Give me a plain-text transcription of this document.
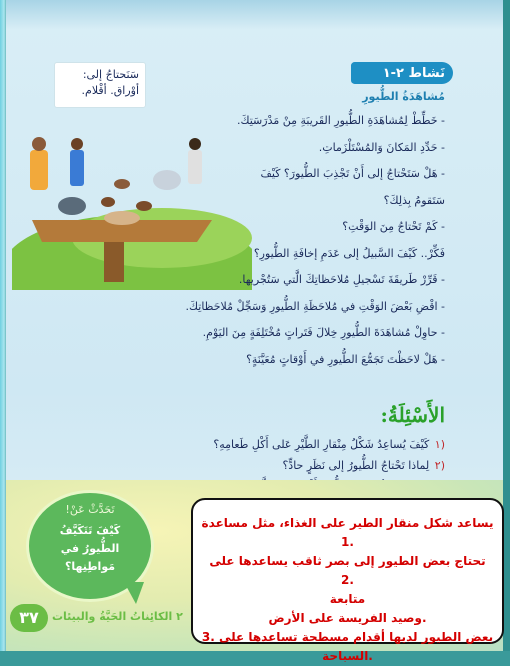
سَنَحتاجُ إلى:
أوْراق. أقْلام.
نَشاط ٢-١
مُشاهَدَةُ الطُّيورِ
- خَطِّطْ لِمُشاهَدَةِ الطُّيورِ القَريبَةِ مِنْ مَدْرَسَتِكَ.
- حَدِّدِ المَكانَ وَالمُسْتَلْزَماتِ.
- هَلْ سَتَحْتاجُ إلى أَنْ تَجْذِبَ الطُّيورَ؟ كَيْفَ
سَتَقومُ بِذلِكَ؟
- كَمْ تَحْتاجُ مِنَ الوَقْتِ؟
فَكِّرْ.. كَيْفَ السَّبيلُ إلى عَدَمِ إخافَةِ الطُّيورِ؟
- قَرِّرْ طَريقَةَ تَسْجيلِ مُلاحَظاتِكَ الَّتي سَتُجْريها.
- اقْضِ بَعْضَ الوَقْتِ في مُلاحَظَةِ الطُّيورِ وَسَجِّلْ مُلاحَظاتِكَ.
- حاوِلْ مُشاهَدَةَ الطُّيورِ خِلالَ فَتَراتٍ مُخْتَلِفَةٍ مِنَ اليَوْمِ.
- هَلْ لاحَظْتَ تَجَمُّعَ الطُّيورِ في أَوْقاتٍ مُعَيَّنَةٍ؟
الأَسْئِلَةُ:
(١ كَيْفَ يُساعِدُ شَكْلُ مِنْقارِ الطَّيْرِ عَلى أَكْلِ طَعامِهِ؟
(٢ لِماذا تَحْتاجُ الطُّيورُ إلى نَظَرٍ حادٍّ؟
تَحَدَّثْ عَنْ!
كَيْفَ تَتَكَيَّفُ الطُّيورُ في مَواطِنِها؟
٣٧	٢ الكائِناتُ الحَيَّةُ والبيئات
يساعد شكل منقار الطير على الغذاء، مثل مساعدة .1
تحتاج بعض الطيور إلى بصر ثاقب يساعدها على .2
متابعة
.وصيد الفريسة على الأرض
بعض الطيور لديها أقدام مسطحة تساعدها على .3
.السباحة
